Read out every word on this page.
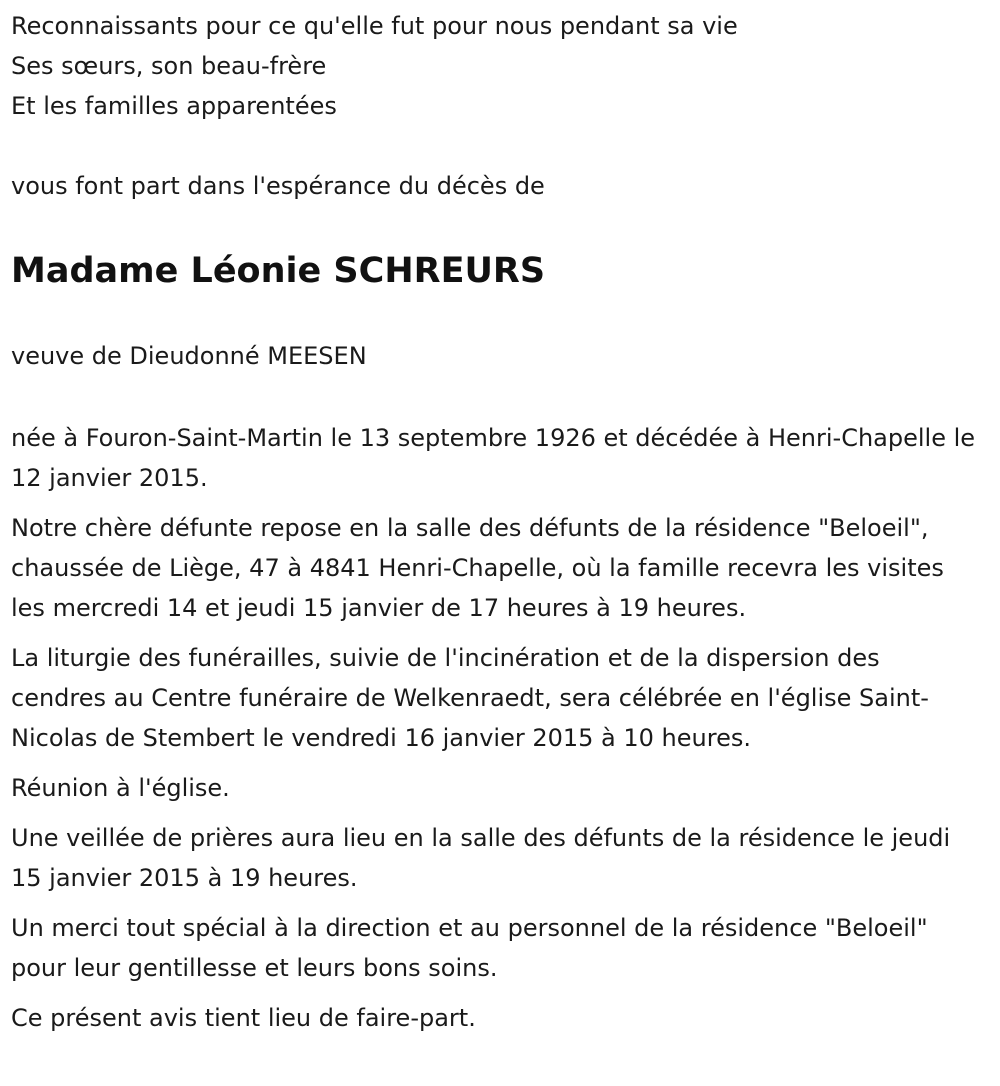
Reconnaissants pour ce qu'elle fut pour nous pendant sa vie

Ses sœurs, son beau-frère

Et les familles apparentées

vous font part dans l'espérance du décès de

Madame Léonie SCHREURS

veuve de Dieudonné MEESEN

née à Fouron-Saint-Martin le 13 septembre 1926 et décédée à Henri-Chapelle le 12 janvier 2015.

Notre chère défunte repose en la salle des défunts de la résidence "Beloeil", chaussée de Liège, 47 à 4841 Henri-Chapelle, où la famille recevra les visites les mercredi 14 et jeudi 15 janvier de 17 heures à 19 heures.

La liturgie des funérailles, suivie de l'incinération et de la dispersion des cendres au Centre funéraire de Welkenraedt, sera célébrée en l'église Saint-Nicolas de Stembert le vendredi 16 janvier 2015 à 10 heures.

Réunion à l'église.

Une veillée de prières aura lieu en la salle des défunts de la résidence le jeudi 15 janvier 2015 à 19 heures.

Un merci tout spécial à la direction et au personnel de la résidence "Beloeil" pour leur gentillesse et leurs bons soins.

Ce présent avis tient lieu de faire-part.
